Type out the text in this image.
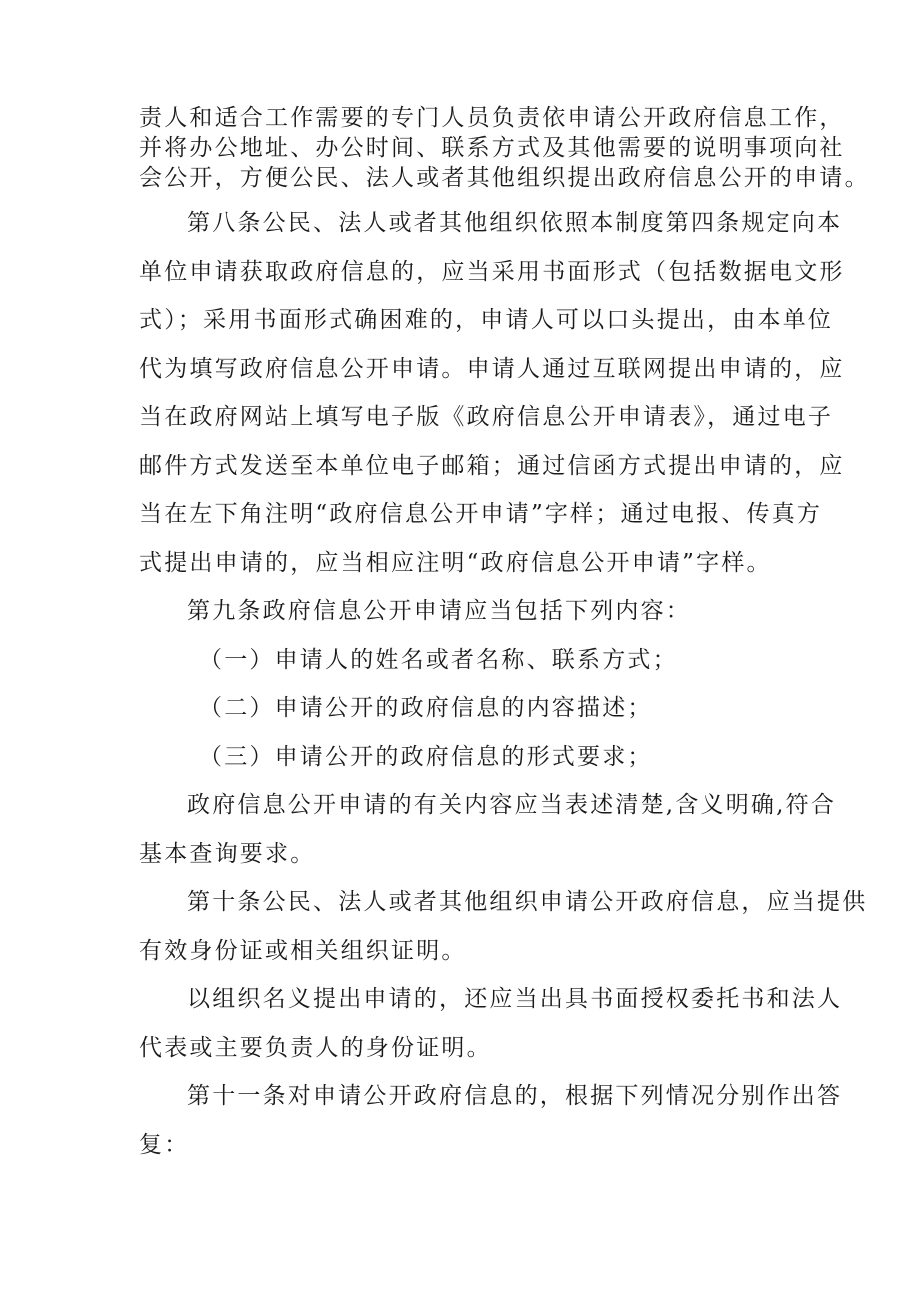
责人和适合工作需要的专门人员负责依申请公开政府信息工作，
并将办公地址、办公时间、联系方式及其他需要的说明事项向社
会公开，方便公民、法人或者其他组织提出政府信息公开的申请。
第八条公民、法人或者其他组织依照本制度第四条规定向本
单位申请获取政府信息的，应当采用书面形式（包括数据电文形
式）；采用书面形式确困难的，申请人可以口头提出，由本单位
代为填写政府信息公开申请。申请人通过互联网提出申请的，应
当在政府网站上填写电子版《政府信息公开申请表》，通过电子
邮件方式发送至本单位电子邮箱；通过信函方式提出申请的，应
当在左下角注明“政府信息公开申请”字样；通过电报、传真方
式提出申请的，应当相应注明“政府信息公开申请”字样。
第九条政府信息公开申请应当包括下列内容：
（一）申请人的姓名或者名称、联系方式；
（二）申请公开的政府信息的内容描述；
（三）申请公开的政府信息的形式要求；
政府信息公开申请的有关内容应当表述清楚,含义明确,符合
基本查询要求。
第十条公民、法人或者其他组织申请公开政府信息，应当提供
有效身份证或相关组织证明。
以组织名义提出申请的，还应当出具书面授权委托书和法人
代表或主要负责人的身份证明。
第十一条对申请公开政府信息的，根据下列情况分别作出答
复：
